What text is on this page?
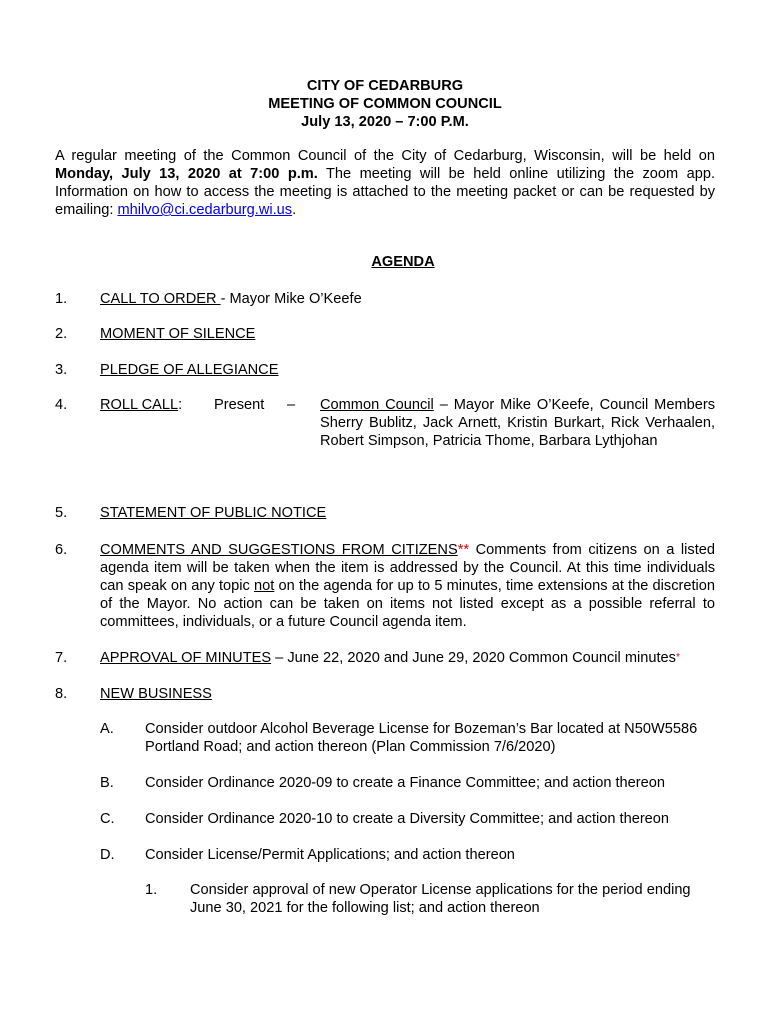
CITY OF CEDARBURG
MEETING OF COMMON COUNCIL
July 13, 2020 – 7:00 P.M.
A regular meeting of the Common Council of the City of Cedarburg, Wisconsin, will be held on Monday, July 13, 2020 at 7:00 p.m. The meeting will be held online utilizing the zoom app. Information on how to access the meeting is attached to the meeting packet or can be requested by emailing: mhilvo@ci.cedarburg.wi.us.
AGENDA
1. CALL TO ORDER - Mayor Mike O’Keefe
2. MOMENT OF SILENCE
3. PLEDGE OF ALLEGIANCE
4. ROLL CALL: Present – Common Council – Mayor Mike O’Keefe, Council Members Sherry Bublitz, Jack Arnett, Kristin Burkart, Rick Verhaalen, Robert Simpson, Patricia Thome, Barbara Lythjohan
5. STATEMENT OF PUBLIC NOTICE
6. COMMENTS AND SUGGESTIONS FROM CITIZENS** Comments from citizens on a listed agenda item will be taken when the item is addressed by the Council. At this time individuals can speak on any topic not on the agenda for up to 5 minutes, time extensions at the discretion of the Mayor. No action can be taken on items not listed except as a possible referral to committees, individuals, or a future Council agenda item.
7. APPROVAL OF MINUTES – June 22, 2020 and June 29, 2020 Common Council minutes*
8. NEW BUSINESS
A. Consider outdoor Alcohol Beverage License for Bozeman’s Bar located at N50W5586 Portland Road; and action thereon (Plan Commission 7/6/2020)
B. Consider Ordinance 2020-09 to create a Finance Committee; and action thereon
C. Consider Ordinance 2020-10 to create a Diversity Committee; and action thereon
D. Consider License/Permit Applications; and action thereon
1. Consider approval of new Operator License applications for the period ending June 30, 2021 for the following list; and action thereon
